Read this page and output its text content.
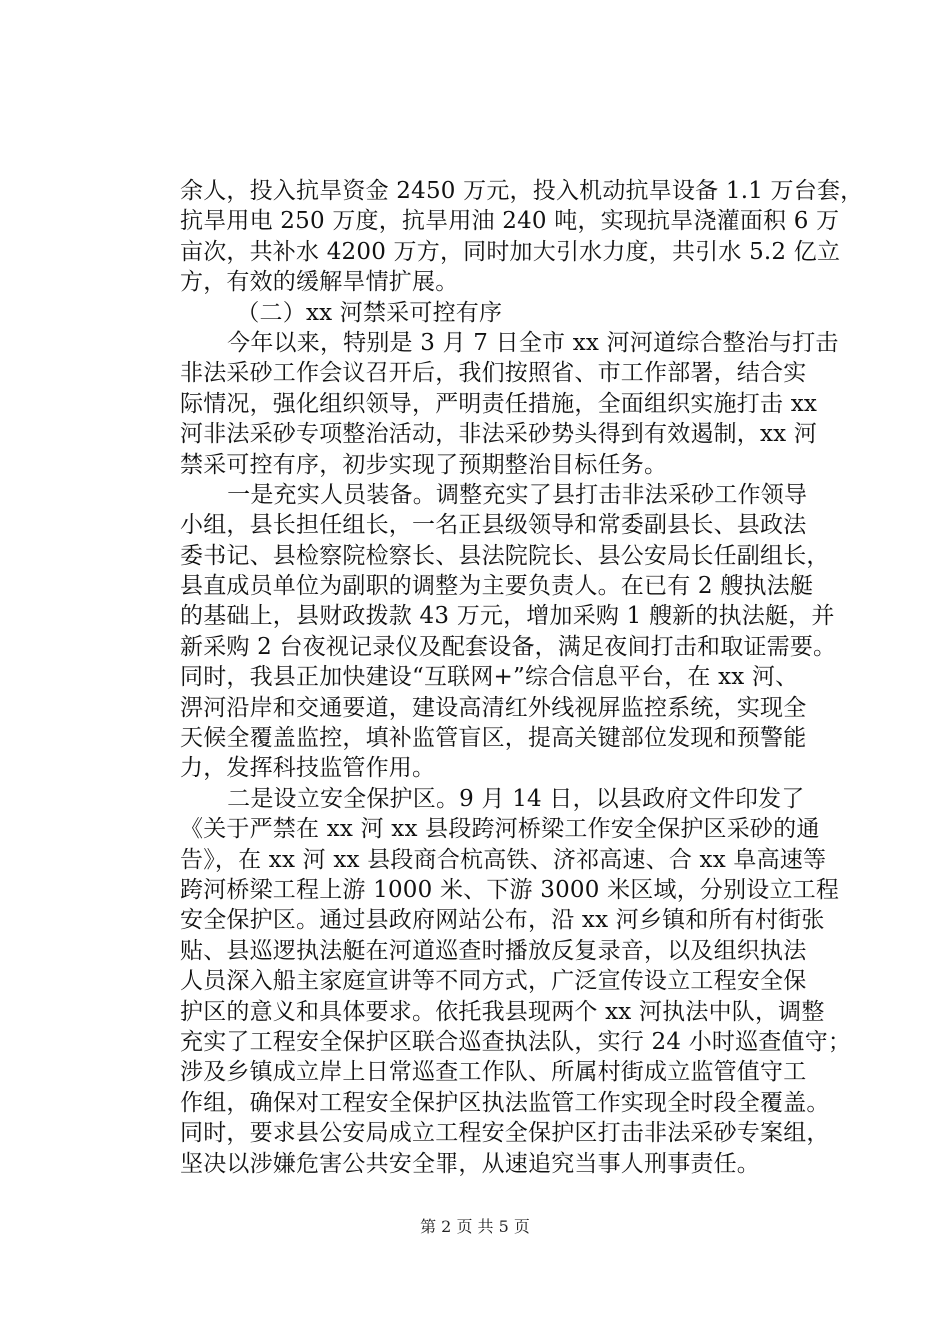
余人，投入抗旱资金 2450 万元，投入机动抗旱设备 1.1 万台套，
抗旱用电 250 万度，抗旱用油 240 吨，实现抗旱浇灌面积 6 万
亩次，共补水 4200 万方，同时加大引水力度，共引水 5.2 亿立
方，有效的缓解旱情扩展。
（二）xx 河禁采可控有序
今年以来，特别是 3 月 7 日全市 xx 河河道综合整治与打击
非法采砂工作会议召开后，我们按照省、市工作部署，结合实
际情况，强化组织领导，严明责任措施，全面组织实施打击 xx
河非法采砂专项整治活动，非法采砂势头得到有效遏制，xx 河
禁采可控有序，初步实现了预期整治目标任务。
一是充实人员装备。调整充实了县打击非法采砂工作领导
小组，县长担任组长，一名正县级领导和常委副县长、县政法
委书记、县检察院检察长、县法院院长、县公安局长任副组长，
县直成员单位为副职的调整为主要负责人。在已有 2 艘执法艇
的基础上，县财政拨款 43 万元，增加采购 1 艘新的执法艇，并
新采购 2 台夜视记录仪及配套设备，满足夜间打击和取证需要。
同时，我县正加快建设“互联网+”综合信息平台，在 xx 河、
淠河沿岸和交通要道，建设高清红外线视屏监控系统，实现全
天候全覆盖监控，填补监管盲区，提高关键部位发现和预警能
力，发挥科技监管作用。
二是设立安全保护区。9 月 14 日，以县政府文件印发了
《关于严禁在 xx 河 xx 县段跨河桥梁工作安全保护区采砂的通
告》，在 xx 河 xx 县段商合杭高铁、济祁高速、合 xx 阜高速等
跨河桥梁工程上游 1000 米、下游 3000 米区域，分别设立工程
安全保护区。通过县政府网站公布，沿 xx 河乡镇和所有村街张
贴、县巡逻执法艇在河道巡查时播放反复录音，以及组织执法
人员深入船主家庭宣讲等不同方式，广泛宣传设立工程安全保
护区的意义和具体要求。依托我县现两个 xx 河执法中队，调整
充实了工程安全保护区联合巡查执法队，实行 24 小时巡查值守；
涉及乡镇成立岸上日常巡查工作队、所属村街成立监管值守工
作组，确保对工程安全保护区执法监管工作实现全时段全覆盖。
同时，要求县公安局成立工程安全保护区打击非法采砂专案组，
坚决以涉嫌危害公共安全罪，从速追究当事人刑事责任。
第 2 页 共 5 页
